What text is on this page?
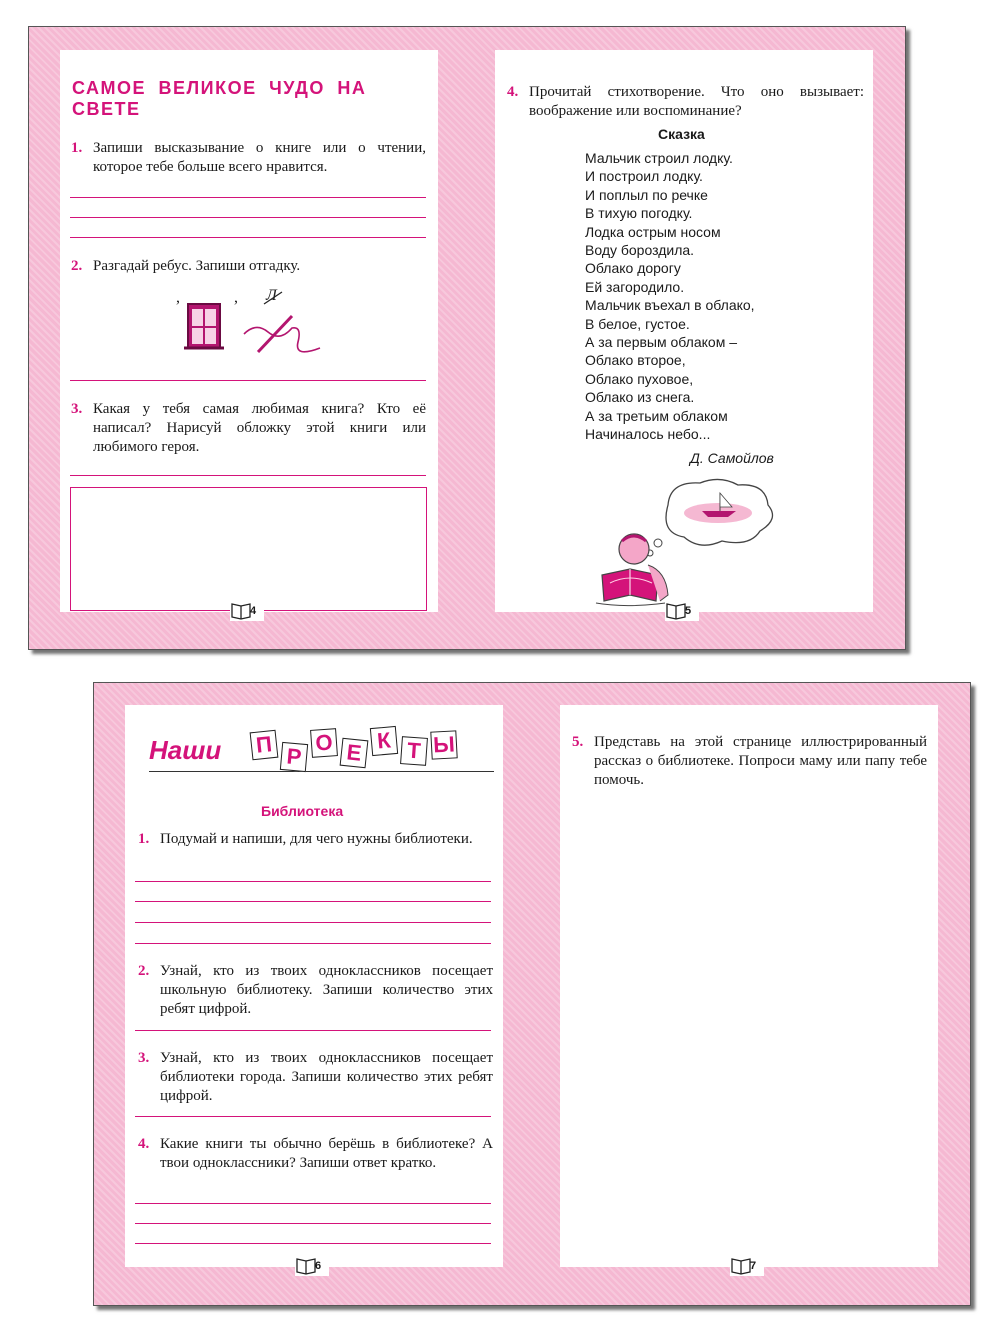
САМОЕ ВЕЛИКОЕ ЧУДО НА СВЕТЕ
1. Запиши высказывание о книге или о чтении, которое тебе больше всего нравится.
2. Разгадай ребус. Запиши отгадку.
,	, Л
3. Какая у тебя самая любимая книга? Кто её написал? Нарисуй обложку этой книги или любимого героя.
4
4. Прочитай стихотворение. Что оно вызывает: воображение или воспоминание?
Сказка
Мальчик строил лодку.
И построил лодку.
И поплыл по речке
В тихую погодку.
Лодка острым носом
Воду бороздила.
Облако дорогу
Ей загородило.
Мальчик въехал в облако,
В белое, густое.
А за первым облаком –
Облако второе,
Облако пуховое,
Облако из снега.
А за третьим облаком
Начиналось небо...
Д. Самойлов
5
Наши П Р
О Е К Т Ы
Библиотека
1. Подумай и напиши, для чего нужны библиотеки.
2. Узнай, кто из твоих одноклассников посещает школьную библиотеку. Запиши количество этих ребят цифрой.
3. Узнай, кто из твоих одноклассников посещает библиотеки города. Запиши количество этих ребят цифрой.
4. Какие книги ты обычно берёшь в библиотеке? А твои одноклассники? Запиши ответ кратко.
6
5. Представь на этой странице иллюстрированный рассказ о библиотеке. Попроси маму или папу тебе помочь.
7
